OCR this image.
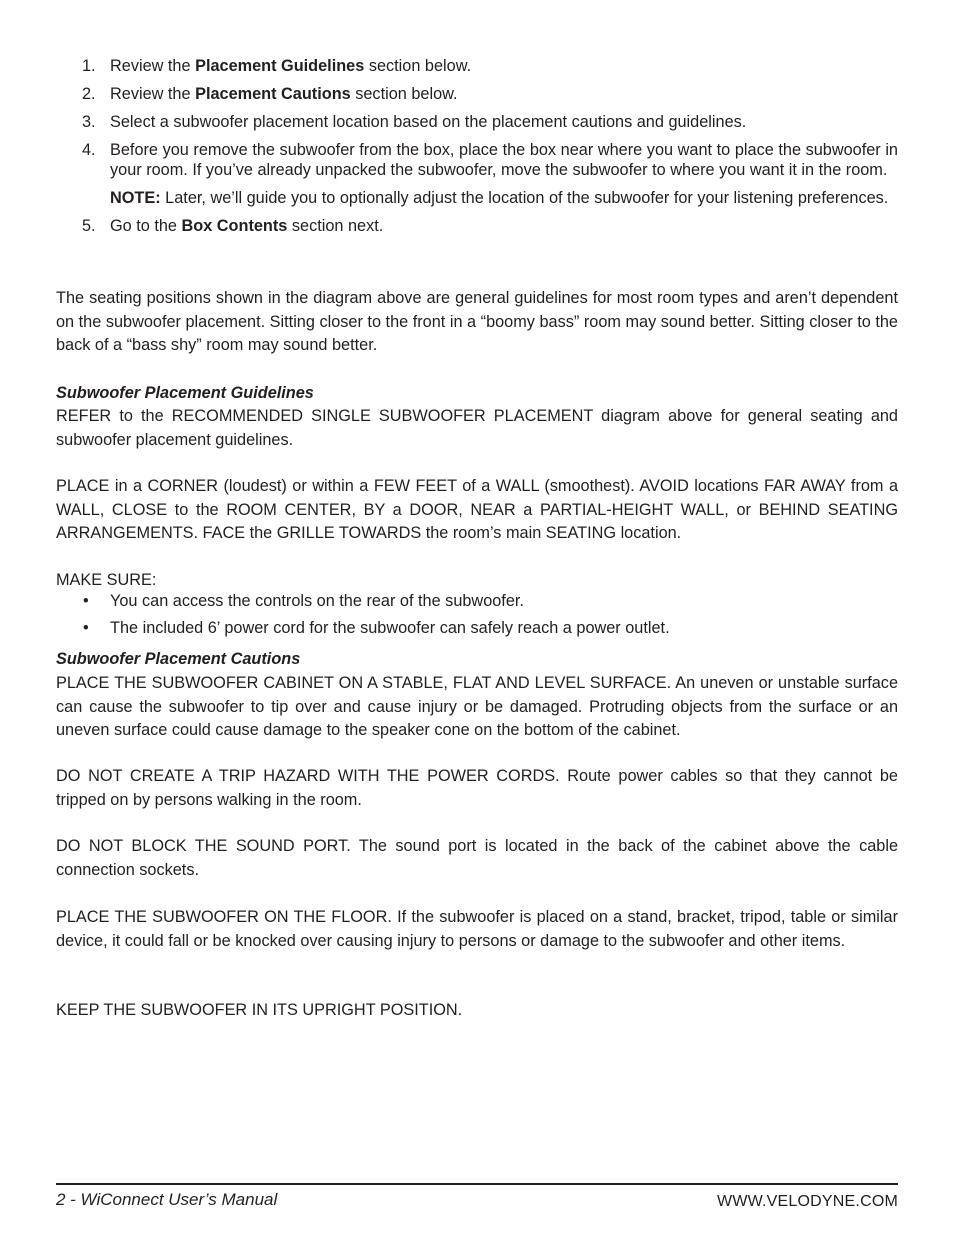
1. Review the Placement Guidelines section below.
2. Review the Placement Cautions section below.
3. Select a subwoofer placement location based on the placement cautions and guidelines.
4. Before you remove the subwoofer from the box, place the box near where you want to place the subwoofer in your room. If you’ve already unpacked the subwoofer, move the subwoofer to where you want it in the room.
NOTE: Later, we’ll guide you to optionally adjust the location of the subwoofer for your listening preferences.
5. Go to the Box Contents section next.

The seating positions shown in the diagram above are general guidelines for most room types and aren’t dependent on the subwoofer placement. Sitting closer to the front in a “boomy bass” room may sound better. Sitting closer to the back of a “bass shy” room may sound better.

Subwoofer Placement Guidelines

REFER to the RECOMMENDED SINGLE SUBWOOFER PLACEMENT diagram above for general seating and subwoofer placement guidelines.

PLACE in a CORNER (loudest) or within a FEW FEET of a WALL (smoothest). AVOID locations FAR AWAY from a WALL, CLOSE to the ROOM CENTER, BY a DOOR, NEAR a PARTIAL-HEIGHT WALL, or BEHIND SEATING ARRANGEMENTS. FACE the GRILLE TOWARDS the room’s main SEATING location.

MAKE SURE:

• You can access the controls on the rear of the subwoofer.
• The included 6’ power cord for the subwoofer can safely reach a power outlet.

Subwoofer Placement Cautions

PLACE THE SUBWOOFER CABINET ON A STABLE, FLAT AND LEVEL SURFACE. An uneven or unstable surface can cause the subwoofer to tip over and cause injury or be damaged. Protruding objects from the surface or an uneven surface could cause damage to the speaker cone on the bottom of the cabinet.

DO NOT CREATE A TRIP HAZARD WITH THE POWER CORDS. Route power cables so that they cannot be tripped on by persons walking in the room.

DO NOT BLOCK THE SOUND PORT. The sound port is located in the back of the cabinet above the cable connection sockets.

PLACE THE SUBWOOFER ON THE FLOOR. If the subwoofer is placed on a stand, bracket, tripod, table or similar device, it could fall or be knocked over causing injury to persons or damage to the subwoofer and other items.

KEEP THE SUBWOOFER IN ITS UPRIGHT POSITION.

2 - WiConnect User’s Manual	WWW.VELODYNE.COM
